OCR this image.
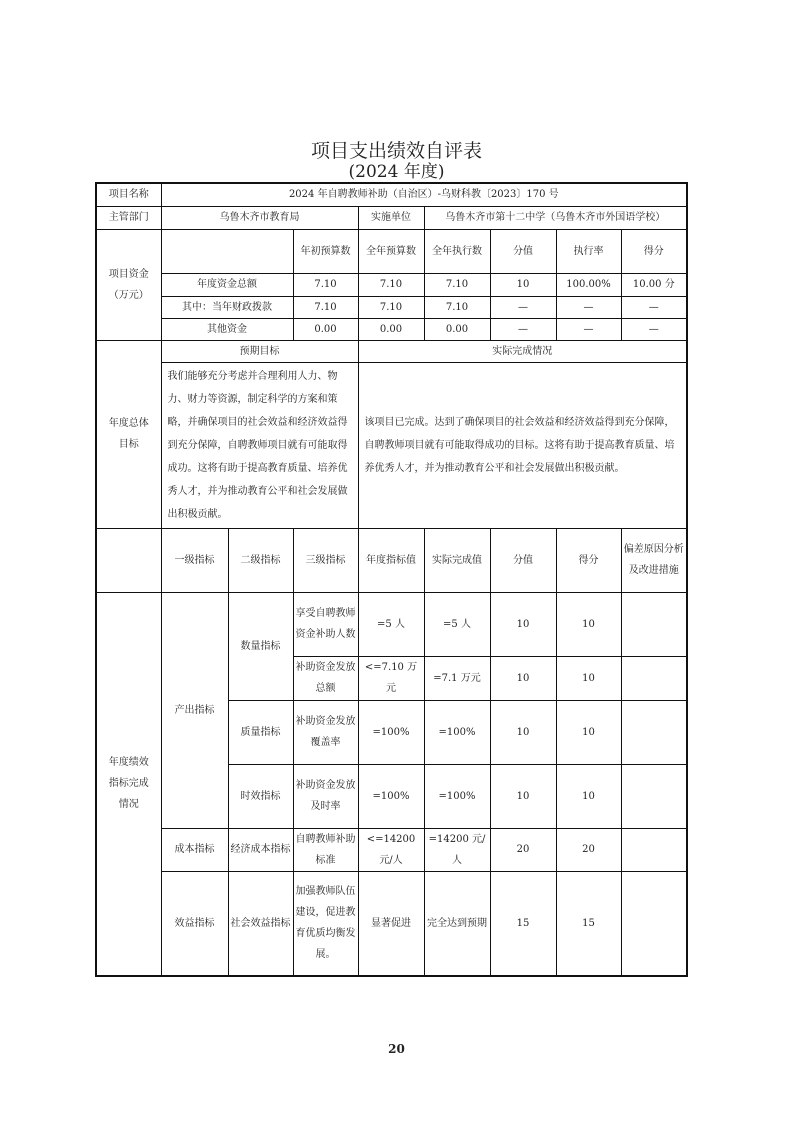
项目支出绩效自评表
(2024 年度)
项目名称	2024 年自聘教师补助（自治区）-乌财科教〔2023〕170 号							
主管部门	乌鲁木齐市教育局			实施单位	乌鲁木齐市第十二中学（乌鲁木齐市外国语学校）			
项目资金（万元）			年初预算数	全年预算数	全年执行数	分值	执行率	得分
	年度资金总额		7.10	7.10	7.10	10	100.00%	10.00 分
	其中：当年财政拨款		7.10	7.10	7.10	—	—	—
	其他资金		0.00	0.00	0.00	—	—	—
年度总体目标	预期目标			实际完成情况				
	我们能够充分考虑并合理利用人力、物力、财力等资源，制定科学的方案和策略，并确保项目的社会效益和经济效益得到充分保障，自聘教师项目就有可能取得成功。这将有助于提高教育质量、培养优秀人才，并为推动教育公平和社会发展做出积极贡献。			该项目已完成。达到了确保项目的社会效益和经济效益得到充分保障，自聘教师项目就有可能取得成功的目标。这将有助于提高教育质量、培养优秀人才，并为推动教育公平和社会发展做出积极贡献。				
	一级指标	二级指标	三级指标	年度指标值	实际完成值	分值	得分	偏差原因分析及改进措施
年度绩效指标完成情况	产出指标	数量指标	享受自聘教师资金补助人数	=5 人	=5 人	10	10	
			补助资金发放总额	<=7.10 万元	=7.1 万元	10	10	
		质量指标	补助资金发放覆盖率	=100%	=100%	10	10	
		时效指标	补助资金发放及时率	=100%	=100%	10	10	
	成本指标	经济成本指标	自聘教师补助标准	<=14200 元/人	=14200 元/人	20	20	
	效益指标	社会效益指标	加强教师队伍建设，促进教育优质均衡发展。	显著促进	完全达到预期	15	15	
20
